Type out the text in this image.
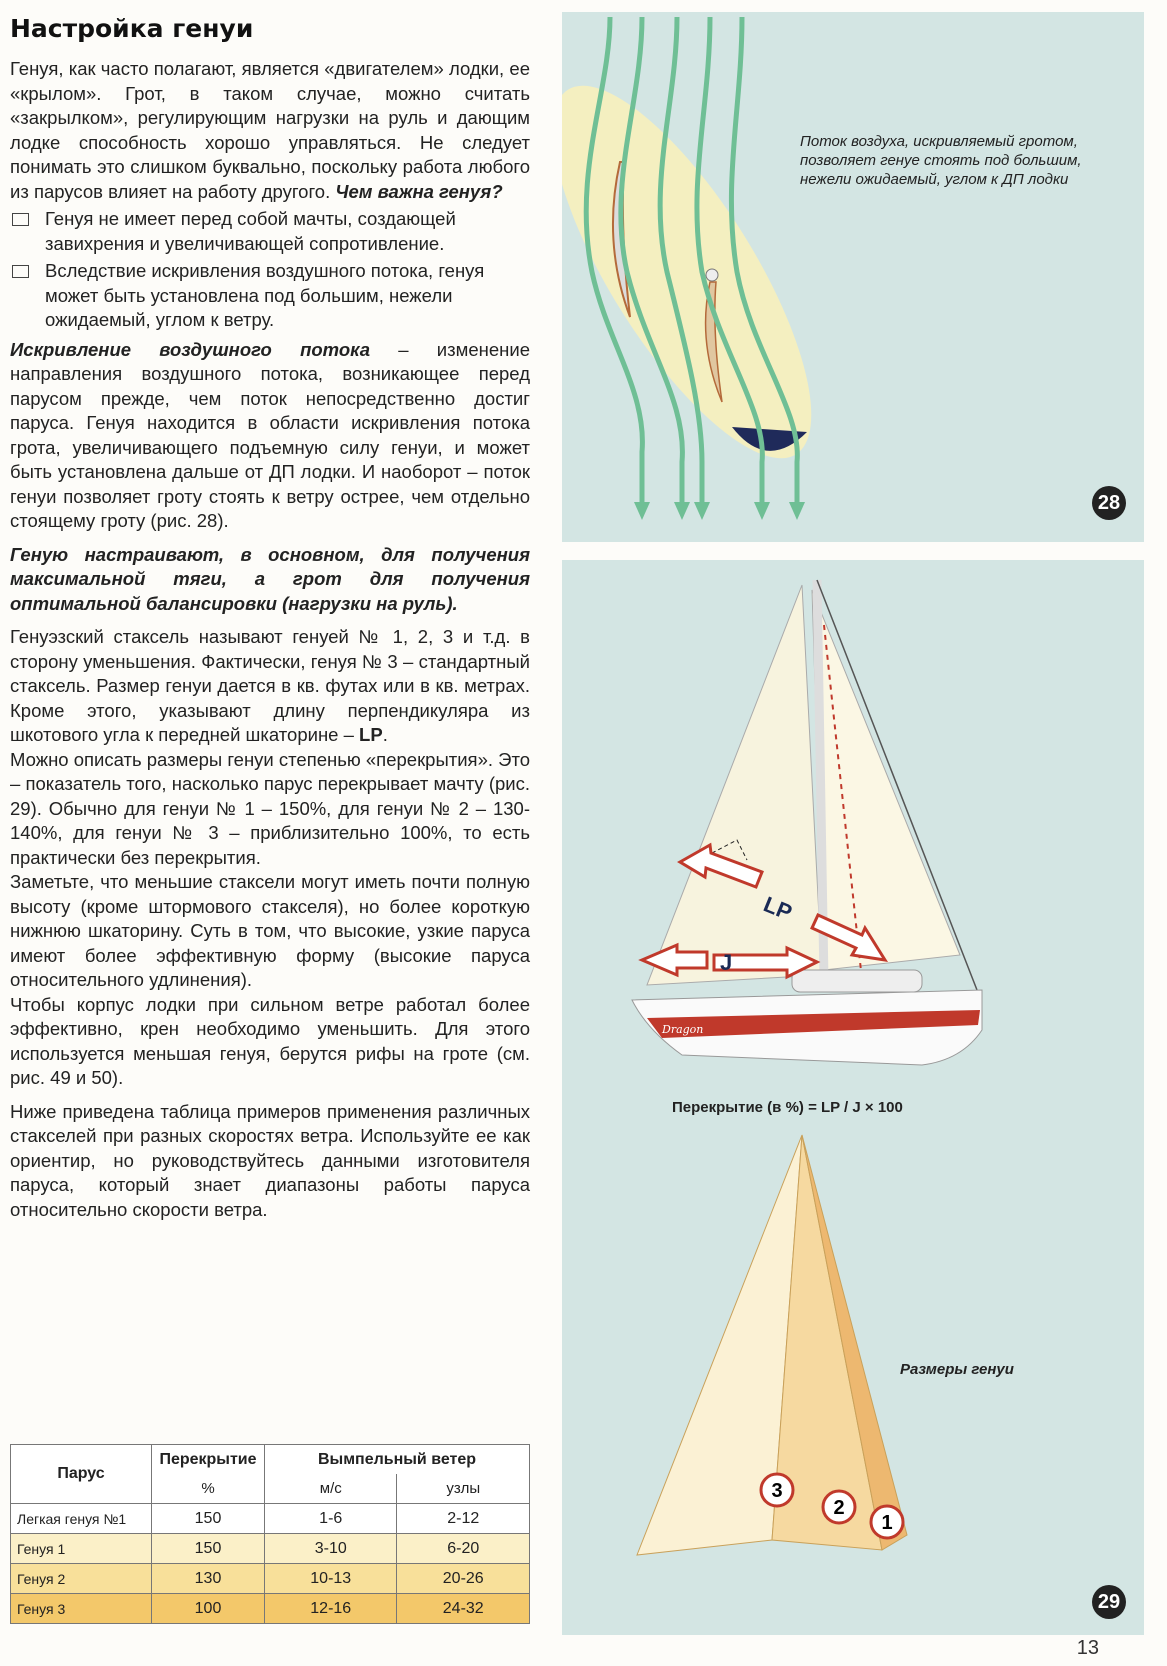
Настройка генуи

Генуя, как часто полагают, является «двигателем» лодки, ее «крылом». Грот, в таком случае, можно считать «закрылком», регулирующим нагрузки на руль и дающим лодке способность хорошо управляться. Не следует понимать это слишком буквально, поскольку работа любого из парусов влияет на работу другого. Чем важна генуя?

Генуя не имеет перед собой мачты, создающей завихрения и увеличивающей сопротивление.
Вследствие искривления воздушного потока, генуя может быть установлена под большим, нежели ожидаемый, углом к ветру.

Искривление воздушного потока – изменение направления воздушного потока, возникающее перед парусом прежде, чем поток непосредственно достиг паруса. Генуя находится в области искривления потока грота, увеличивающего подъемную силу генуи, и может быть установлена дальше от ДП лодки. И наоборот – поток генуи позволяет гроту стоять к ветру острее, чем отдельно стоящему гроту (рис. 28).

Геную настраивают, в основном, для получения максимальной тяги, а грот для получения оптимальной балансировки (нагрузки на руль).

Генуэзский стаксель называют генуей № 1, 2, 3 и т.д. в сторону уменьшения. Фактически, генуя № 3 – стандартный стаксель. Размер генуи дается в кв. футах или в кв. метрах. Кроме этого, указывают длину перпендикуляра из шкотового угла к передней шкаторине – LP.

Можно описать размеры генуи степенью «перекрытия». Это – показатель того, насколько парус перекрывает мачту (рис. 29). Обычно для генуи № 1 – 150%, для генуи № 2 – 130-140%, для генуи № 3 – приблизительно 100%, то есть практически без перекрытия.

Заметьте, что меньшие стаксели могут иметь почти полную высоту (кроме штормового стакселя), но более короткую нижнюю шкаторину. Суть в том, что высокие, узкие паруса имеют более эффективную форму (высокие паруса относительного удлинения).

Чтобы корпус лодки при сильном ветре работал более эффективно, крен необходимо уменьшить. Для этого используется меньшая генуя, берутся рифы на гроте (см. рис. 49 и 50).

Ниже приведена таблица примеров применения различных стакселей при разных скоростях ветра. Используйте ее как ориентир, но руководствуйтесь данными изготовителя паруса, который знает диапазоны работы паруса относительно скорости ветра.

Парус	Перекрытие	Вымпельный ветер	
	%	м/с	узлы
Легкая генуя №1	150	1-6	2-12
Генуя 1	150	3-10	6-20
Генуя 2	130	10-13	20-26
Генуя 3	100	12-16	24-32
Поток воздуха, искривляемый гротом, позволяет генуе стоять под большим, нежели ожидаемый, углом к ДП лодки
28
Dragon
LP
J
3
2
1
Перекрытие (в %) = LP / J × 100
Размеры генуи
29
13
